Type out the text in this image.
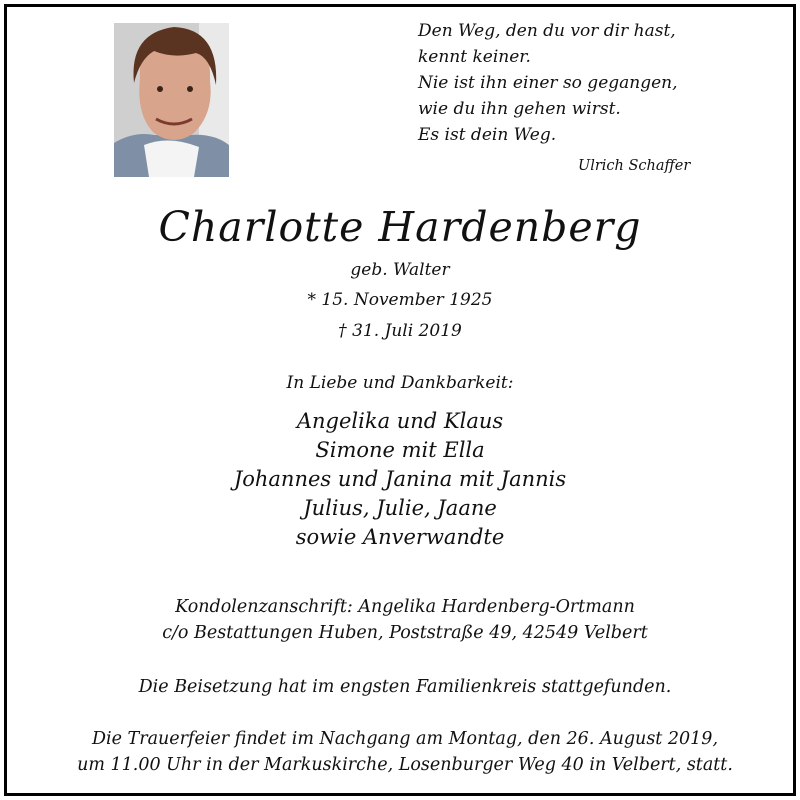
Den Weg, den du vor dir hast,
kennt keiner.
Nie ist ihn einer so gegangen,
wie du ihn gehen wirst.
Es ist dein Weg.
Ulrich Schaffer
Charlotte Hardenberg
geb. Walter
* 15. November 1925
† 31. Juli 2019
In Liebe und Dankbarkeit:
Angelika und Klaus
Simone mit Ella
Johannes und Janina mit Jannis
Julius, Julie, Jaane
sowie Anverwandte
Kondolenzanschrift: Angelika Hardenberg-Ortmann
c/o Bestattungen Huben, Poststraße 49, 42549 Velbert
Die Beisetzung hat im engsten Familienkreis stattgefunden.
Die Trauerfeier findet im Nachgang am Montag, den 26. August 2019,
um 11.00 Uhr in der Markuskirche, Losenburger Weg 40 in Velbert, statt.
